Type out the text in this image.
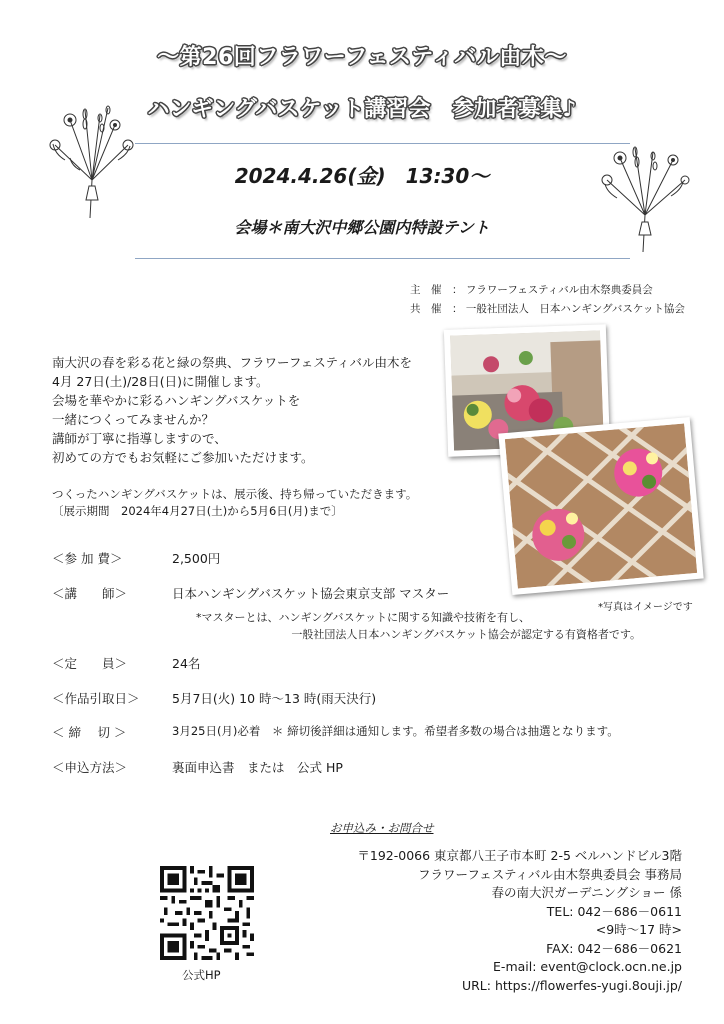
～第26回フラワーフェスティバル由木～
ハンギングバスケット講習会　参加者募集♪
2024.4.26(金)　13:30～
会場＊南大沢中郷公園内特設テント
主　催　： フラワーフェスティバル由木祭典委員会
共　催　： 一般社団法人　日本ハンギングバスケット協会
南大沢の春を彩る花と緑の祭典、フラワーフェスティバル由木を
4月 27日(土)/28日(日)に開催します。
会場を華やかに彩るハンギングバスケットを
一緒につくってみませんか？
講師が丁寧に指導しますので、
初めての方でもお気軽にご参加いただけます。
つくったハンギングバスケットは、展示後、持ち帰っていただきます。
〔展示期間　2024年4月27日(土)から5月6日(月)まで〕
*写真はイメージです
＜参 加 費＞	2,500円
＜講　　師＞	日本ハンギングバスケット協会東京支部 マスター
*マスターとは、ハンギングバスケットに関する知識や技術を有し、
一般社団法人日本ハンギングバスケット協会が認定する有資格者です。
＜定　　員＞	24名
＜作品引取日＞	5月7日(火) 10 時～13 時(雨天決行)
＜ 締　 切 ＞	3月25日(月)必着　＊ 締切後詳細は通知します。希望者多数の場合は抽選となります。
＜申込方法＞	裏面申込書　または　公式 HP
お申込み・お問合せ
〒192-0066 東京都八王子市本町 2-5 ベルハンドビル3階
フラワーフェスティバル由木祭典委員会 事務局
春の南大沢ガーデニングショー 係
TEL: 042－686－0611
<9時～17 時>
FAX: 042－686－0621
E-mail: event@clock.ocn.ne.jp
URL: https://flowerfes-yugi.8ouji.jp/
公式HP
